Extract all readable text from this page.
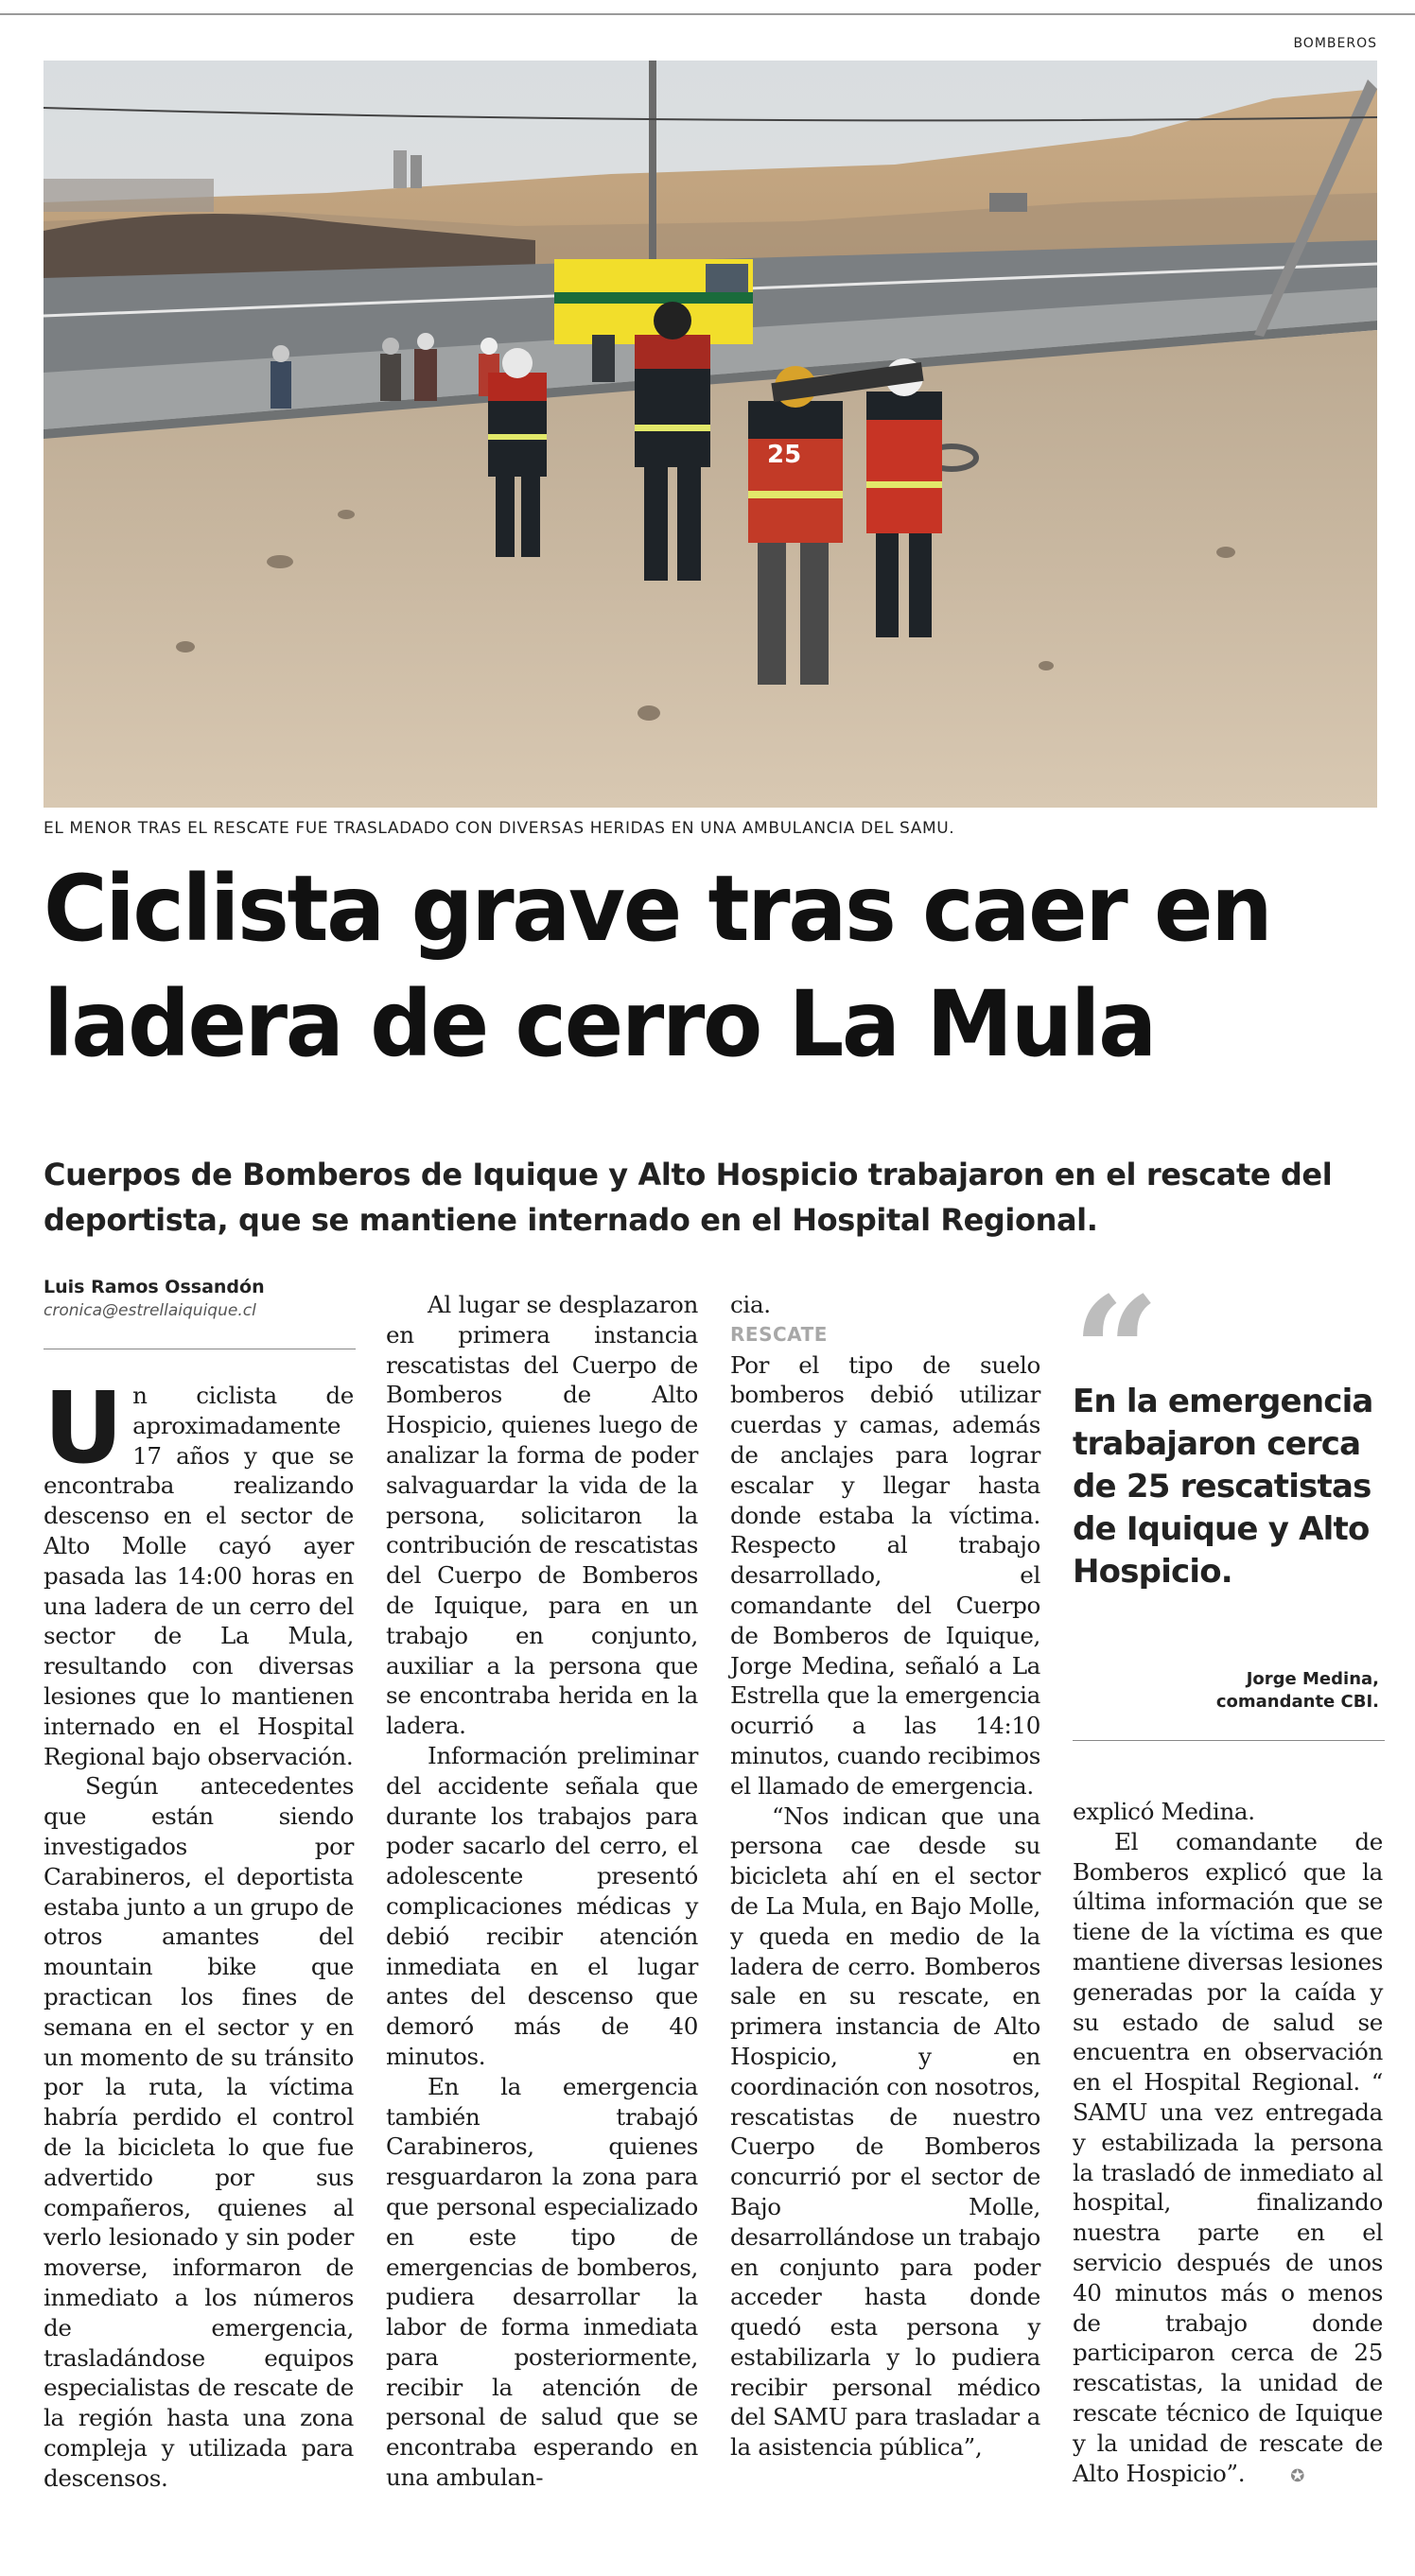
BOMBEROS
25
EL MENOR TRAS EL RESCATE FUE TRASLADADO CON DIVERSAS HERIDAS EN UNA AMBULANCIA DEL SAMU.
Ciclista grave tras caer en
ladera de cerro La Mula

Cuerpos de Bomberos de Iquique y Alto Hospicio trabajaron en el rescate del deportista, que se mantiene internado en el Hospital Regional.

Luis Ramos Ossandón
cronica@estrellaiquique.cl

Un ciclista de aproximadamente 17 años y que se encontraba realizando descenso en el sector de Alto Molle cayó ayer pasada las 14:00 horas en una ladera de un cerro del sector de La Mula, resultando con diversas lesiones que lo mantienen internado en el Hospital Regional bajo observación.

Según antecedentes que están siendo investigados por Carabineros, el deportista estaba junto a un grupo de otros amantes del mountain bike que practican los fines de semana en el sector y en un momento de su tránsito por la ruta, la víctima habría perdido el control de la bicicleta lo que fue advertido por sus compañeros, quienes al verlo lesionado y sin poder moverse, informaron de inmediato a los números de emergencia, trasladándose equipos especialistas de rescate de la región hasta una zona compleja y utilizada para descensos.

Al lugar se desplazaron en primera instancia rescatistas del Cuerpo de Bomberos de Alto Hospicio, quienes luego de analizar la forma de poder salvaguardar la vida de la persona, solicitaron la contribución de rescatistas del Cuerpo de Bomberos de Iquique, para en un trabajo en conjunto, auxiliar a la persona que se encontraba herida en la ladera.

Información preliminar del accidente señala que durante los trabajos para poder sacarlo del cerro, el adolescente presentó complicaciones médicas y debió recibir atención inmediata en el lugar antes del descenso que demoró más de 40 minutos.

En la emergencia también trabajó Carabineros, quienes resguardaron la zona para que personal especializado en este tipo de emergencias de bomberos, pudiera desarrollar la labor de forma inmediata para posteriormente, recibir la atención de personal de salud que se encontraba esperando en una ambulan-

cia.

RESCATE

Por el tipo de suelo bomberos debió utilizar cuerdas y camas, además de anclajes para lograr escalar y llegar hasta donde estaba la víctima. Respecto al trabajo desarrollado, el comandante del Cuerpo de Bomberos de Iquique, Jorge Medina, señaló a La Estrella que la emergencia ocurrió a las 14:10 minutos, cuando recibimos el llamado de emergencia.

“Nos indican que una persona cae desde su bicicleta ahí en el sector de La Mula, en Bajo Molle, y queda en medio de la ladera de cerro. Bomberos sale en su rescate, en primera instancia de Alto Hospicio, y en coordinación con nosotros, rescatistas de nuestro Cuerpo de Bomberos concurrió por el sector de Bajo Molle, desarrollándose un trabajo en conjunto para poder acceder hasta donde quedó esta persona y estabilizarla y lo pudiera recibir personal médico del SAMU para trasladar a la asistencia pública”,

“
En la emergencia trabajaron cerca de 25 rescatistas de Iquique y Alto Hospicio.
Jorge Medina,
comandante CBI.

explicó Medina.

El comandante de Bomberos explicó que la última información que se tiene de la víctima es que mantiene diversas lesiones generadas por la caída y su estado de salud se encuentra en observación en el Hospital Regional. “ SAMU una vez entregada y estabilizada la persona la trasladó de inmediato al hospital, finalizando nuestra parte en el servicio después de unos 40 minutos más o menos de trabajo donde participaron cerca de 25 rescatistas, la unidad de rescate técnico de Iquique y la unidad de rescate de Alto Hospicio”.	✪
